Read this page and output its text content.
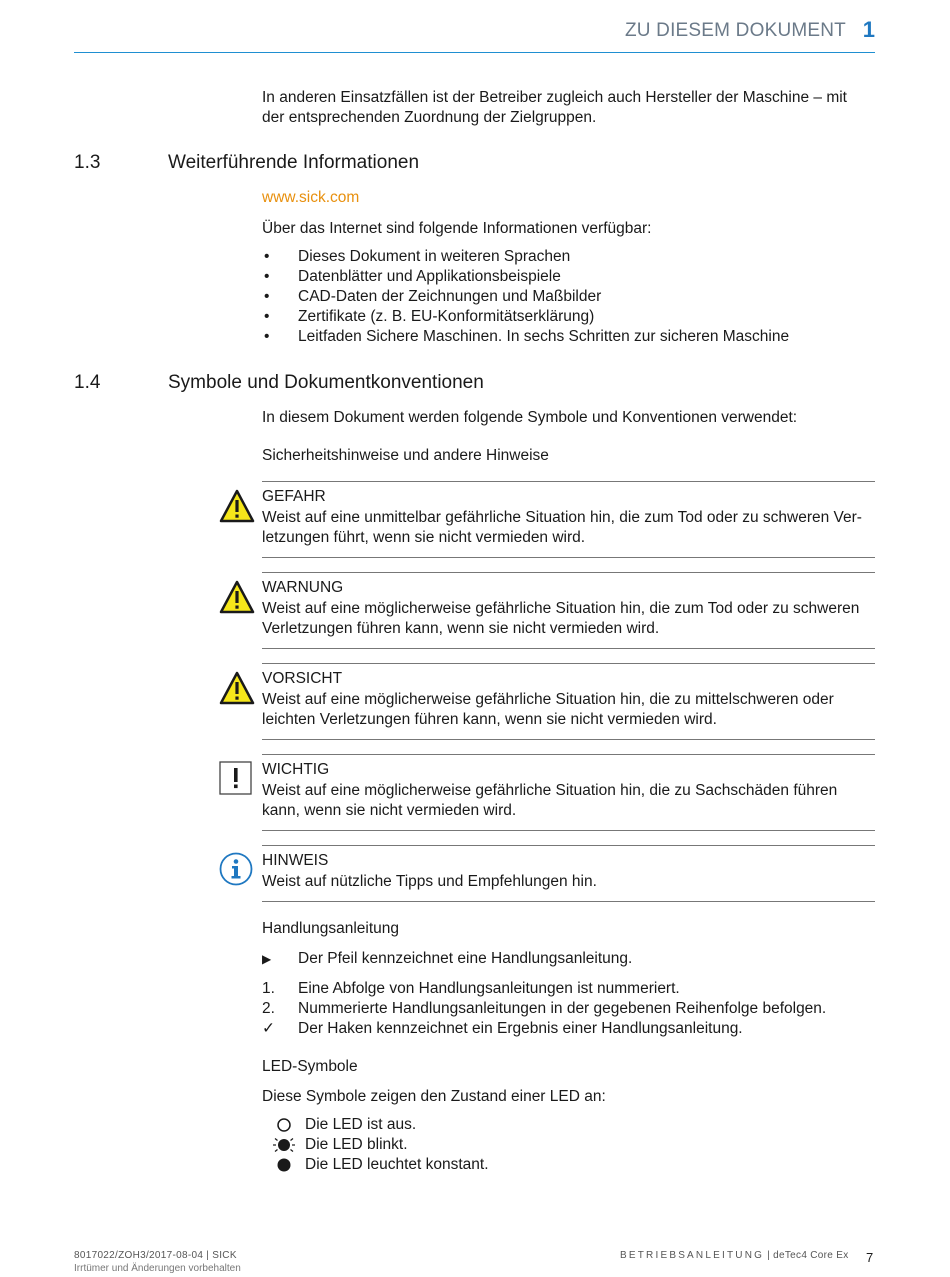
ZU DIESEM DOKUMENT 1
In anderen Einsatzfällen ist der Betreiber zugleich auch Hersteller der Maschine – mit der entsprechenden Zuordnung der Zielgruppen.
1.3	Weiterführende Informationen
www.sick.com
Über das Internet sind folgende Informationen verfügbar:
• Dieses Dokument in weiteren Sprachen
• Datenblätter und Applikationsbeispiele
• CAD-Daten der Zeichnungen und Maßbilder
• Zertifikate (z. B. EU-Konformitätserklärung)
• Leitfaden Sichere Maschinen. In sechs Schritten zur sicheren Maschine
1.4	Symbole und Dokumentkonventionen
In diesem Dokument werden folgende Symbole und Konventionen verwendet:
Sicherheitshinweise und andere Hinweise
GEFAHR
Weist auf eine unmittelbar gefährliche Situation hin, die zum Tod oder zu schweren Ver-
letzungen führt, wenn sie nicht vermieden wird.
WARNUNG
Weist auf eine möglicherweise gefährliche Situation hin, die zum Tod oder zu schweren
Verletzungen führen kann, wenn sie nicht vermieden wird.
VORSICHT
Weist auf eine möglicherweise gefährliche Situation hin, die zu mittelschweren oder
leichten Verletzungen führen kann, wenn sie nicht vermieden wird.
WICHTIG
Weist auf eine möglicherweise gefährliche Situation hin, die zu Sachschäden führen
kann, wenn sie nicht vermieden wird.
HINWEIS
Weist auf nützliche Tipps und Empfehlungen hin.
Handlungsanleitung
▶ Der Pfeil kennzeichnet eine Handlungsanleitung.
1. Eine Abfolge von Handlungsanleitungen ist nummeriert.
2. Nummerierte Handlungsanleitungen in der gegebenen Reihenfolge befolgen.
✓ Der Haken kennzeichnet ein Ergebnis einer Handlungsanleitung.
LED-Symbole
Diese Symbole zeigen den Zustand einer LED an:
Die LED ist aus.
Die LED blinkt.
Die LED leuchtet konstant.
8017022/ZOH3/2017-08-04 | SICK
Irrtümer und Änderungen vorbehalten
BETRIEBSANLEITUNG | deTec4 Core Ex 7
